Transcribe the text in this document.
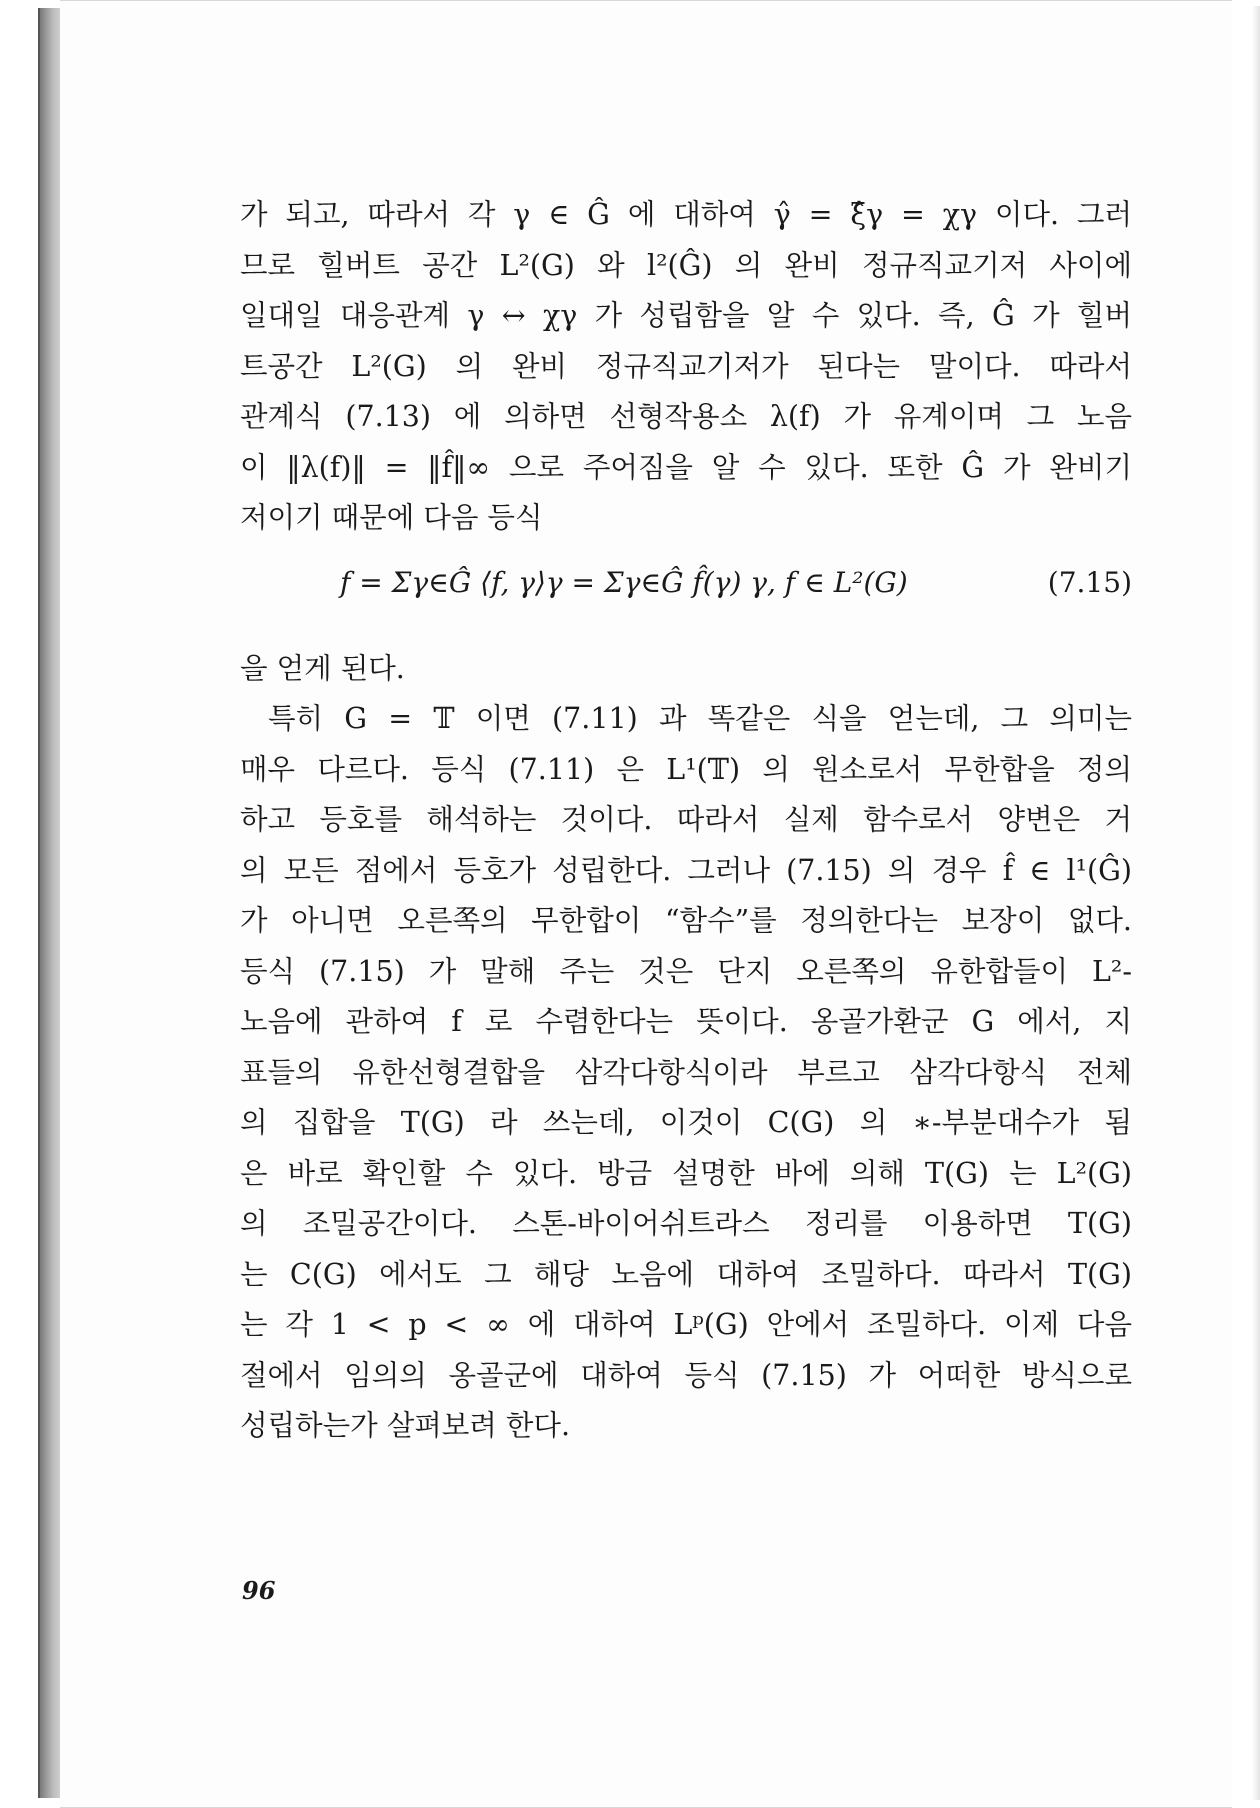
가 되고, 따라서 각 γ ∈ Ĝ 에 대하여 γ̂ = ξ̂γ = χγ 이다. 그러
므로 힐버트 공간 L²(G) 와 l²(Ĝ) 의 완비 정규직교기저 사이에
일대일 대응관계 γ ↔ χγ 가 성립함을 알 수 있다. 즉, Ĝ 가 힐버
트공간 L²(G) 의 완비 정규직교기저가 된다는 말이다. 따라서
관계식 (7.13) 에 의하면 선형작용소 λ(f) 가 유계이며 그 노음
이 ‖λ(f)‖ = ‖f̂‖∞ 으로 주어짐을 알 수 있다. 또한 Ĝ 가 완비기
저이기 때문에 다음 등식

f = Σγ∈Ĝ ⟨f, γ⟩γ = Σγ∈Ĝ f̂(γ) γ, f ∈ L²(G)	(7.15)

을 얻게 된다.

특히 G = 𝕋 이면 (7.11) 과 똑같은 식을 얻는데, 그 의미는
매우 다르다. 등식 (7.11) 은 L¹(𝕋) 의 원소로서 무한합을 정의
하고 등호를 해석하는 것이다. 따라서 실제 함수로서 양변은 거
의 모든 점에서 등호가 성립한다. 그러나 (7.15) 의 경우 f̂ ∈ l¹(Ĝ)
가 아니면 오른쪽의 무한합이 “함수”를 정의한다는 보장이 없다.
등식 (7.15) 가 말해 주는 것은 단지 오른쪽의 유한합들이 L²-
노음에 관하여 f 로 수렴한다는 뜻이다. 옹골가환군 G 에서, 지
표들의 유한선형결합을 삼각다항식이라 부르고 삼각다항식 전체
의 집합을 T(G) 라 쓰는데, 이것이 C(G) 의 ∗-부분대수가 됨
은 바로 확인할 수 있다. 방금 설명한 바에 의해 T(G) 는 L²(G)
의 조밀공간이다. 스톤-바이어쉬트라스 정리를 이용하면 T(G)
는 C(G) 에서도 그 해당 노음에 대하여 조밀하다. 따라서 T(G)
는 각 1 < p < ∞ 에 대하여 Lᵖ(G) 안에서 조밀하다. 이제 다음
절에서 임의의 옹골군에 대하여 등식 (7.15) 가 어떠한 방식으로
성립하는가 살펴보려 한다.

96
